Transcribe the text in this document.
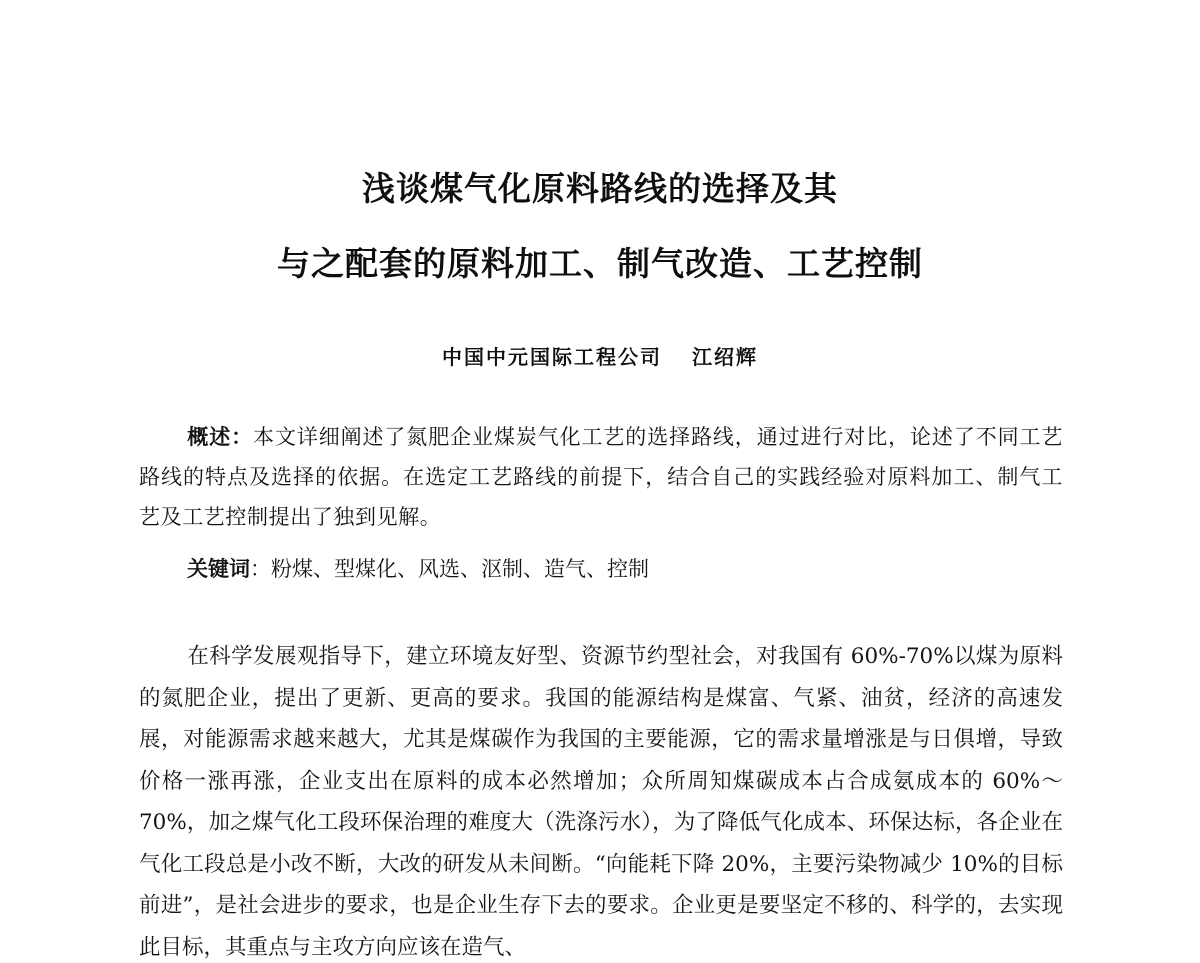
浅谈煤气化原料路线的选择及其
与之配套的原料加工、制气改造、工艺控制
中国中元国际工程公司 江绍辉
概述：本文详细阐述了氮肥企业煤炭气化工艺的选择路线，通过进行对比，论述了不同工艺路线的特点及选择的依据。在选定工艺路线的前提下，结合自己的实践经验对原料加工、制气工艺及工艺控制提出了独到见解。
关键词：粉煤、型煤化、风选、沤制、造气、控制
在科学发展观指导下，建立环境友好型、资源节约型社会，对我国有 60%-70%以煤为原料的氮肥企业，提出了更新、更高的要求。我国的能源结构是煤富、气紧、油贫，经济的高速发展，对能源需求越来越大，尤其是煤碳作为我国的主要能源，它的需求量增涨是与日俱增，导致价格一涨再涨，企业支出在原料的成本必然增加；众所周知煤碳成本占合成氨成本的 60%～70%，加之煤气化工段环保治理的难度大（洗涤污水），为了降低气化成本、环保达标，各企业在气化工段总是小改不断，大改的研发从未间断。“向能耗下降 20%，主要污染物减少 10%的目标前进”，是社会进步的要求，也是企业生存下去的要求。企业更是要坚定不移的、科学的，去实现此目标，其重点与主攻方向应该在造气、
